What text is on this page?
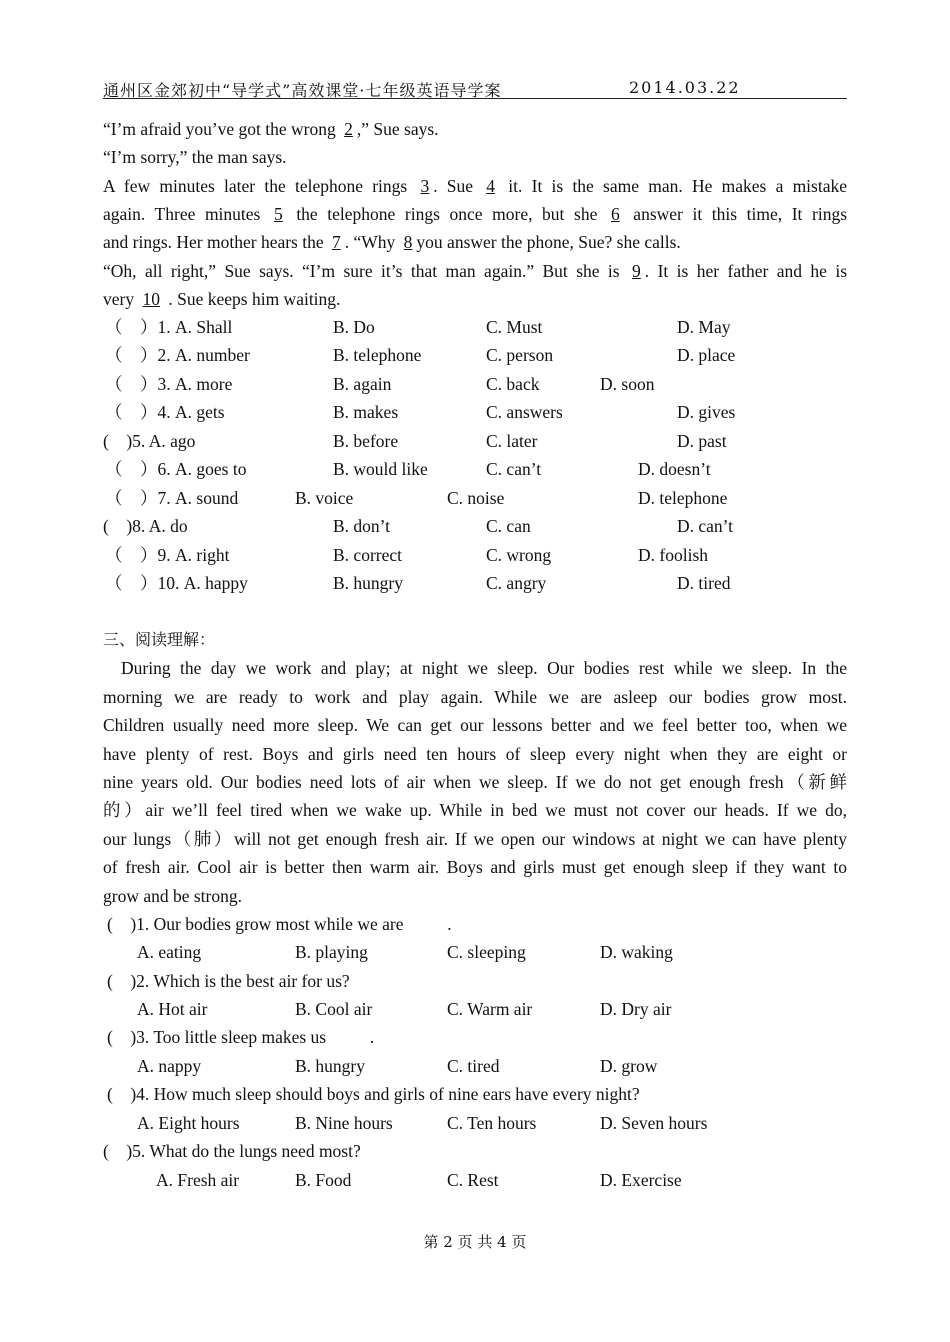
通州区金郊初中“导学式”高效课堂·七年级英语导学案	2014.03.22
“I’m afraid you’ve got the wrong 2 ,” Sue says.
“I’m sorry,” the man says.
A few minutes later the telephone rings 3 . Sue 4 it. It is the same man. He makes a mistake
again. Three minutes 5 the telephone rings once more, but she 6 answer it this time, It rings
and rings. Her mother hears the 7 . “Why 8 you answer the phone, Sue? she calls.
“Oh, all right,” Sue says. “I’m sure it’s that man again.” But she is 9 . It is her father and he is
very 10 . Sue keeps him waiting.
（　）1. A. Shall	B. Do	C. Must	D. May
（　）2. A. number	B. telephone	C. person	D. place
（　）3. A. more	B. again	C. back	D. soon
（　）4. A. gets	B. makes	C. answers	D. gives
(　)5. A. ago	B. before	C. later	D. past
（　）6. A. goes to	B. would like	C. can’t	D. doesn’t
（　）7. A. sound	B. voice	C. noise	D. telephone
(　)8. A. do	B. don’t	C. can	D. can’t
（　）9. A. right	B. correct	C. wrong	D. foolish
（　）10. A. happy	B. hungry	C. angry	D. tired
三、阅读理解：
During the day we work and play; at night we sleep. Our bodies rest while we sleep. In the
morning we are ready to work and play again. While we are asleep our bodies grow most.
Children usually need more sleep. We can get our lessons better and we feel better too, when we
have plenty of rest. Boys and girls need ten hours of sleep every night when they are eight or
nine years old. Our bodies need lots of air when we sleep. If we do not get enough fresh（新鲜
的）air we’ll feel tired when we wake up. While in bed we must not cover our heads. If we do,
our lungs（肺）will not get enough fresh air. If we open our windows at night we can have plenty
of fresh air. Cool air is better then warm air. Boys and girls must get enough sleep if they want to
grow and be strong.
(　)1. Our bodies grow most while we are 　　 .
A. eating	B. playing	C. sleeping	D. waking
(　)2. Which is the best air for us?
A. Hot air	B. Cool air	C. Warm air	D. Dry air
(　)3. Too little sleep makes us 　　 .
A. nappy	B. hungry	C. tired	D. grow
(　)4. How much sleep should boys and girls of nine ears have every night?
A. Eight hours	B. Nine hours	C. Ten hours	D. Seven hours
(　)5. What do the lungs need most?
A. Fresh air	B. Food	C. Rest	D. Exercise
第 2 页 共 4 页
